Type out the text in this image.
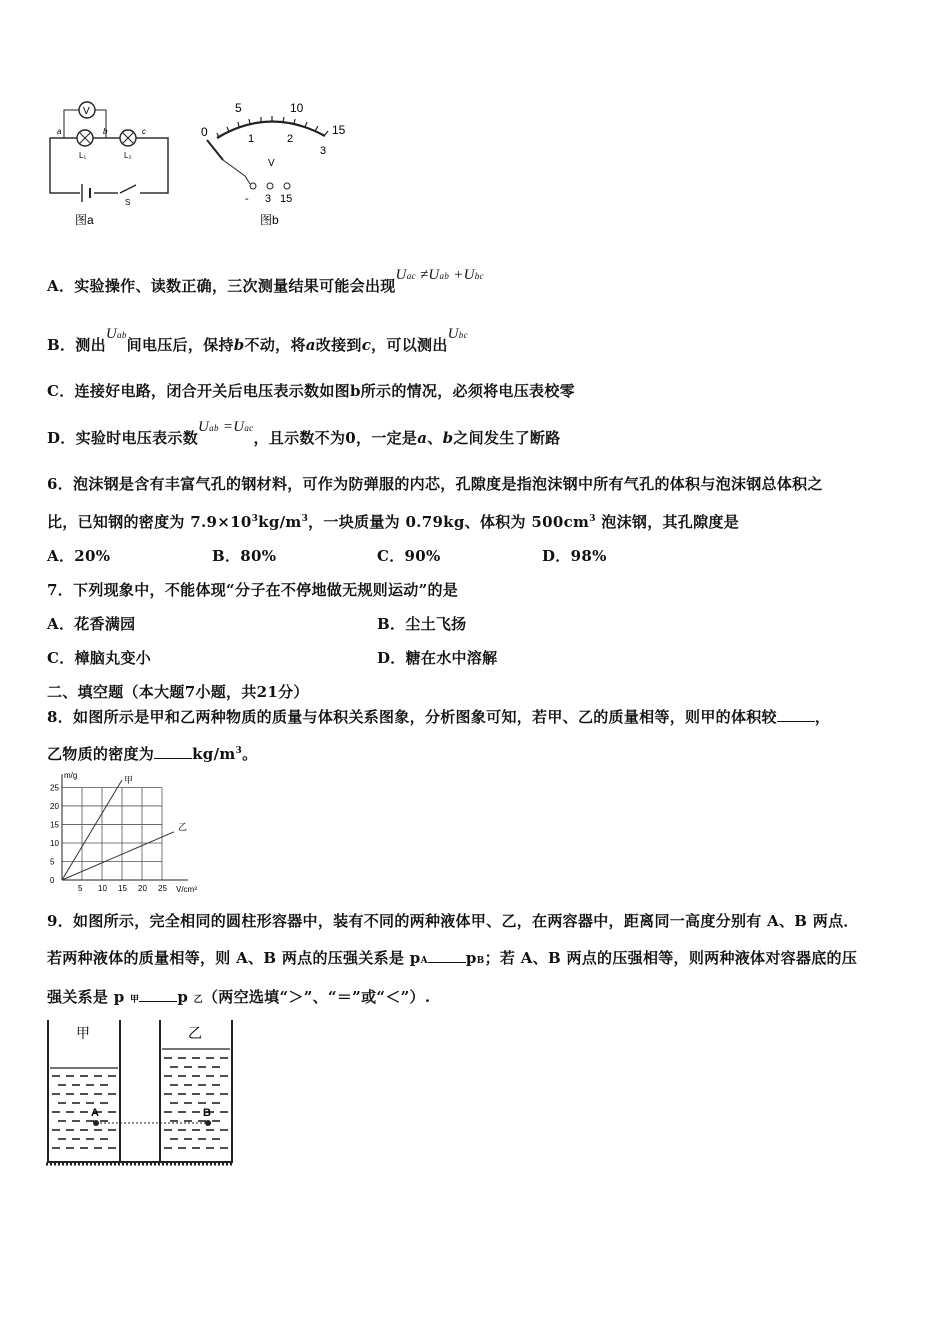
V
a	b	c
L₁	L₂
S
图a
0
5	10
15
1	2
3
V
- 3 15
图b
A．实验操作、读数正确，三次测量结果可能会出现Uac ≠Uab +Ubc
B．测出Uab间电压后，保持b不动，将a改接到c，可以测出Ubc
C．连接好电路，闭合开关后电压表示数如图b所示的情况，必须将电压表校零
D．实验时电压表示数Uab =Uac，且示数不为0，一定是a、b之间发生了断路
6．泡沫钢是含有丰富气孔的钢材料，可作为防弹服的内芯，孔隙度是指泡沫钢中所有气孔的体积与泡沫钢总体积之
比，已知钢的密度为 $7.9\times 10^3kg/m^3$，一块质量为 0.79kg、体积为 $500cm^3$ 泡沫钢，其孔隙度是
A．20%	B．80%	C．90%	D．98%
7．下列现象中，不能体现“分子在不停地做无规则运动”的是
A．花香满园	B．尘土飞扬
C．樟脑丸变小	D．糖在水中溶解
二、填空题（本大题7小题，共21分）
8．如图所示是甲和乙两种物质的质量与体积关系图象，分析图象可知，若甲、乙的质量相等，则甲的体积较	，
乙物质的密度为	$kg/m^3$。
5 10 15 20 25
0
5
10
15
20
25
V/cm³
m/g	甲
乙
9．如图所示，完全相同的圆柱形容器中，装有不同的两种液体甲、乙，在两容器中，距离同一高度分别有 A、B 两点．
若两种液体的质量相等，则 A、B 两点的压强关系是 pA	pB；若 A、B 两点的压强相等，则两种液体对容器底的压
强关系是 p 甲	p 乙（两空选填“＞”、“＝”或“＜”）.
甲	乙
A	B
